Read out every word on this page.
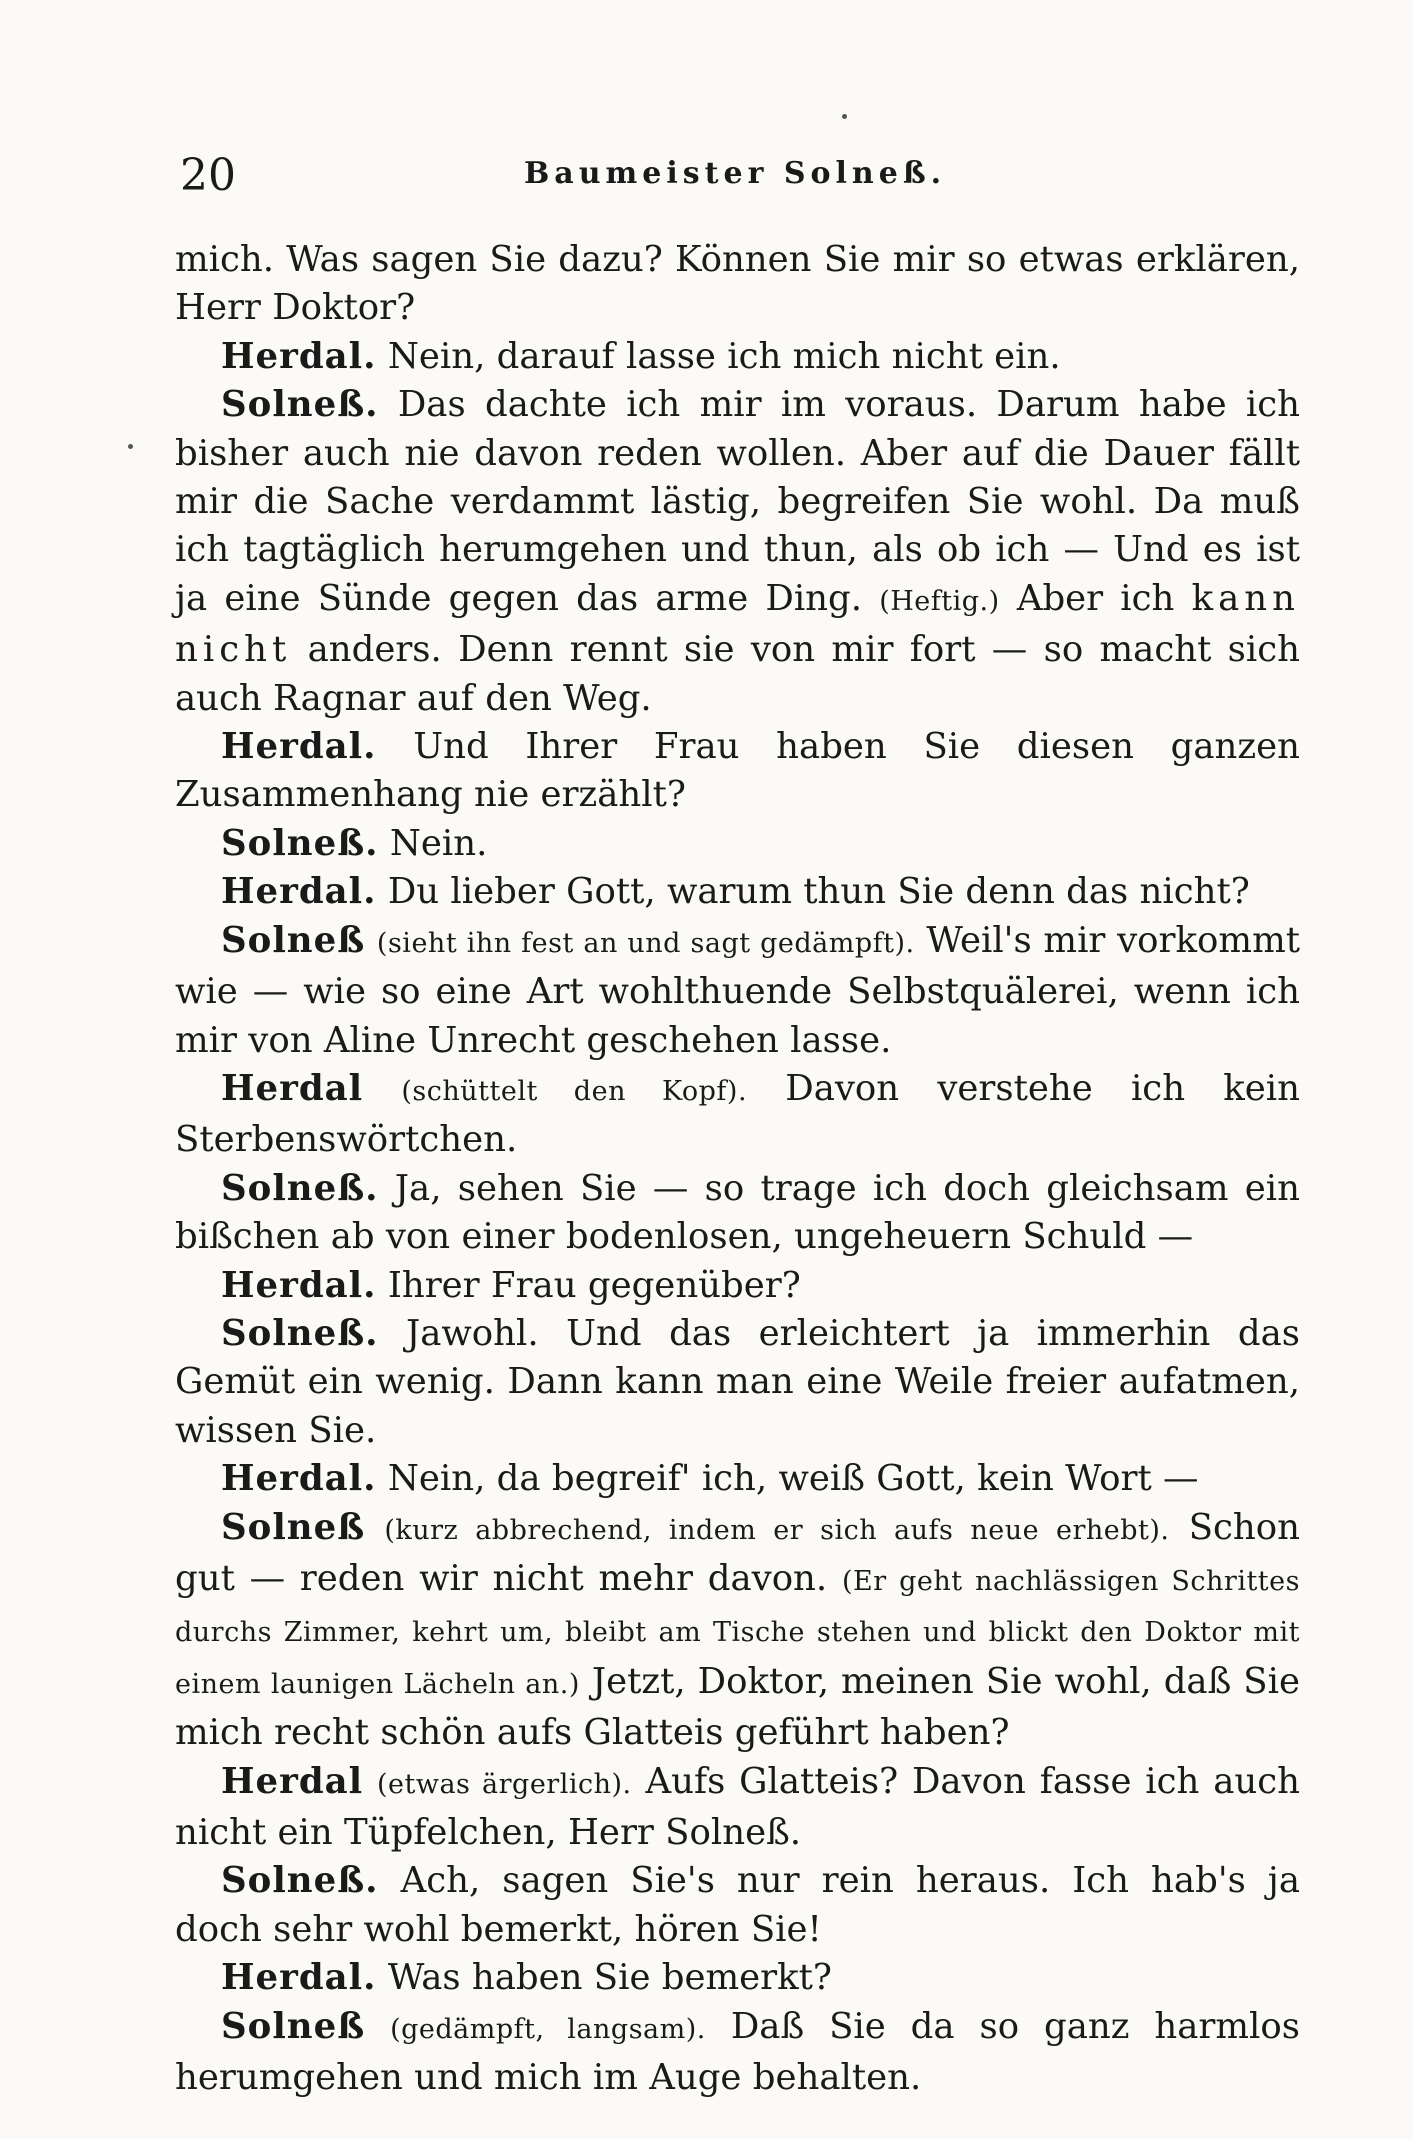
20	Baumeister Solneß.

mich. Was sagen Sie dazu? Können Sie mir so etwas erklären, Herr Doktor?

Herdal. Nein, darauf lasse ich mich nicht ein.

Solneß. Das dachte ich mir im voraus. Darum habe ich bisher auch nie davon reden wollen. Aber auf die Dauer fällt mir die Sache verdammt lästig, begreifen Sie wohl. Da muß ich tagtäglich herumgehen und thun, als ob ich — Und es ist ja eine Sünde gegen das arme Ding. (Heftig.) Aber ich kann nicht anders. Denn rennt sie von mir fort — so macht sich auch Ragnar auf den Weg.

Herdal. Und Ihrer Frau haben Sie diesen ganzen Zusammenhang nie erzählt?

Solneß. Nein.

Herdal. Du lieber Gott, warum thun Sie denn das nicht?

Solneß (sieht ihn fest an und sagt gedämpft). Weil's mir vorkommt wie — wie so eine Art wohlthuende Selbstquälerei, wenn ich mir von Aline Unrecht geschehen lasse.

Herdal (schüttelt den Kopf). Davon verstehe ich kein Sterbenswörtchen.

Solneß. Ja, sehen Sie — so trage ich doch gleichsam ein bißchen ab von einer bodenlosen, ungeheuern Schuld —

Herdal. Ihrer Frau gegenüber?

Solneß. Jawohl. Und das erleichtert ja immerhin das Gemüt ein wenig. Dann kann man eine Weile freier aufatmen, wissen Sie.

Herdal. Nein, da begreif' ich, weiß Gott, kein Wort —

Solneß (kurz abbrechend, indem er sich aufs neue erhebt). Schon gut — reden wir nicht mehr davon. (Er geht nachlässigen Schrittes durchs Zimmer, kehrt um, bleibt am Tische stehen und blickt den Doktor mit einem launigen Lächeln an.) Jetzt, Doktor, meinen Sie wohl, daß Sie mich recht schön aufs Glatteis geführt haben?

Herdal (etwas ärgerlich). Aufs Glatteis? Davon fasse ich auch nicht ein Tüpfelchen, Herr Solneß.

Solneß. Ach, sagen Sie's nur rein heraus. Ich hab's ja doch sehr wohl bemerkt, hören Sie!

Herdal. Was haben Sie bemerkt?

Solneß (gedämpft, langsam). Daß Sie da so ganz harmlos herumgehen und mich im Auge behalten.
